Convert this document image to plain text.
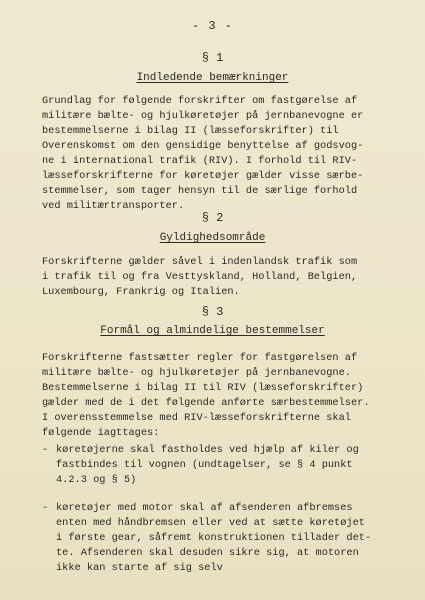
- 3 -
§ 1
Indledende bemærkninger
Grundlag for følgende forskrifter om fastgørelse af
militære bælte- og hjulkøretøjer på jernbanevogne er
bestemmelserne i bilag II (læsseforskrifter) til
Overenskomst om den gensidige benyttelse af godsvog-
ne i international trafik (RIV). I forhold til RIV-
læsseforskrifterne for køretøjer gælder visse særbe-
stemmelser, som tager hensyn til de særlige forhold
ved militærtransporter.
§ 2
Gyldighedsområde
Forskrifterne gælder såvel i indenlandsk trafik som
i trafik til og fra Vesttyskland, Holland, Belgien,
Luxembourg, Frankrig og Italien.
§ 3
Formål og almindelige bestemmelser
Forskrifterne fastsætter regler for fastgørelsen af
militære bælte- og hjulkøretøjer på jernbanevogne.
Bestemmelserne i bilag II til RIV (læsseforskrifter)
gælder med de i det følgende anførte særbestemmelser.
I overensstemmelse med RIV-læsseforskrifterne skal
følgende iagttages:
- køretøjerne skal fastholdes ved hjælp af kiler og
fastbindes til vognen (undtagelser, se § 4 punkt
4.2.3 og § 5)
- køretøjer med motor skal af afsenderen afbremses
enten med håndbremsen eller ved at sætte køretøjet
i første gear, såfremt konstruktionen tillader det-
te. Afsenderen skal desuden sikre sig, at motoren
ikke kan starte af sig selv
